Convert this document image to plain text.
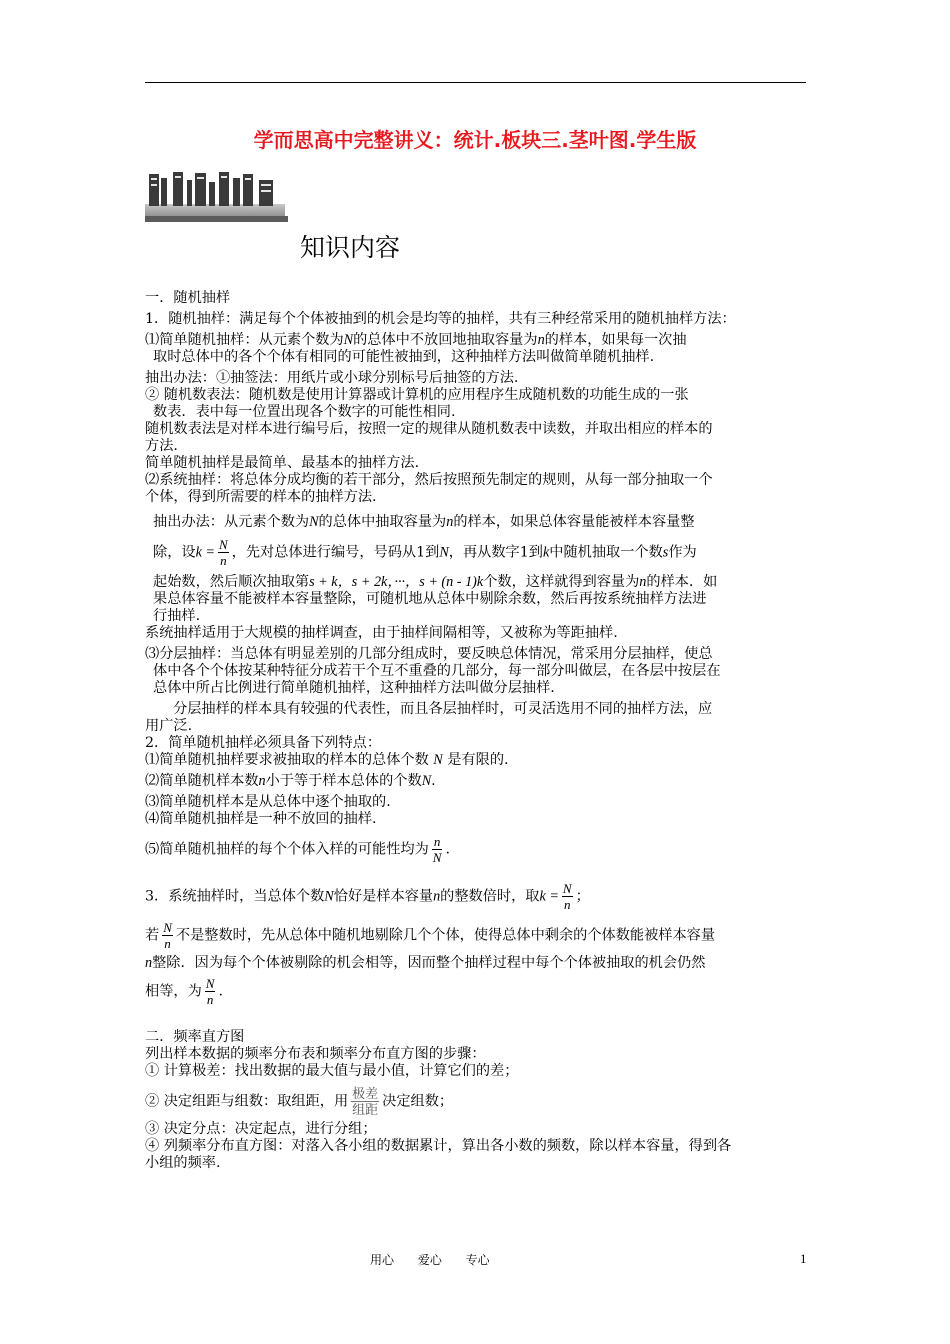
学而思高中完整讲义：统计.板块三.茎叶图.学生版
知识内容

一．随机抽样

1．随机抽样：满足每个个体被抽到的机会是均等的抽样，共有三种经常采用的随机抽样方法：

⑴简单随机抽样：从元素个数为N的总体中不放回地抽取容量为n的样本，如果每一次抽

取时总体中的各个个体有相同的可能性被抽到，这种抽样方法叫做简单随机抽样.

抽出办法：①抽签法：用纸片或小球分别标号后抽签的方法.

② 随机数表法：随机数是使用计算器或计算机的应用程序生成随机数的功能生成的一张

数表．表中每一位置出现各个数字的可能性相同.

随机数表法是对样本进行编号后，按照一定的规律从随机数表中读数，并取出相应的样本的

方法.

简单随机抽样是最简单、最基本的抽样方法.

⑵系统抽样：将总体分成均衡的若干部分，然后按照预先制定的规则，从每一部分抽取一个

个体，得到所需要的样本的抽样方法.

抽出办法：从元素个数为N的总体中抽取容量为n的样本，如果总体容量能被样本容量整

除，设$k = \frac{N}{n}$ ，先对总体进行编号，号码从1到N，再从数字1到k中随机抽取一个数s作为

起始数，然后顺次抽取第s + k，s + 2k，···，s + (n - 1)k个数，这样就得到容量为n的样本．如

果总体容量不能被样本容量整除，可随机地从总体中剔除余数，然后再按系统抽样方法进

行抽样.

系统抽样适用于大规模的抽样调查，由于抽样间隔相等，又被称为等距抽样.

⑶分层抽样：当总体有明显差别的几部分组成时，要反映总体情况，常采用分层抽样，使总

体中各个个体按某种特征分成若干个互不重叠的几部分，每一部分叫做层，在各层中按层在

总体中所占比例进行简单随机抽样，这种抽样方法叫做分层抽样.

分层抽样的样本具有较强的代表性，而且各层抽样时，可灵活选用不同的抽样方法，应

用广泛.

2．简单随机抽样必须具备下列特点：

⑴简单随机抽样要求被抽取的样本的总体个数 N 是有限的.

⑵简单随机样本数n小于等于样本总体的个数N.

⑶简单随机样本是从总体中逐个抽取的.

⑷简单随机抽样是一种不放回的抽样.

⑸简单随机抽样的每个个体入样的可能性均为 $\frac{n}{N}$ .

3．系统抽样时，当总体个数N恰好是样本容量n的整数倍时，取$k = \frac{N}{n}$ ；

若 $\frac{N}{n}$ 不是整数时，先从总体中随机地剔除几个个体，使得总体中剩余的个体数能被样本容量

n整除．因为每个个体被剔除的机会相等，因而整个抽样过程中每个个体被抽取的机会仍然

相等，为 $\frac{N}{n}$ .

二．频率直方图

列出样本数据的频率分布表和频率分布直方图的步骤：

① 计算极差：找出数据的最大值与最小值，计算它们的差；

② 决定组距与组数：取组距，用 $\frac{\text{极差}}{\text{组距}}$ 决定组数；

③ 决定分点：决定起点，进行分组；

④ 列频率分布直方图：对落入各小组的数据累计，算出各小数的频数，除以样本容量，得到各

小组的频率.

用心 爱心 专心	1
